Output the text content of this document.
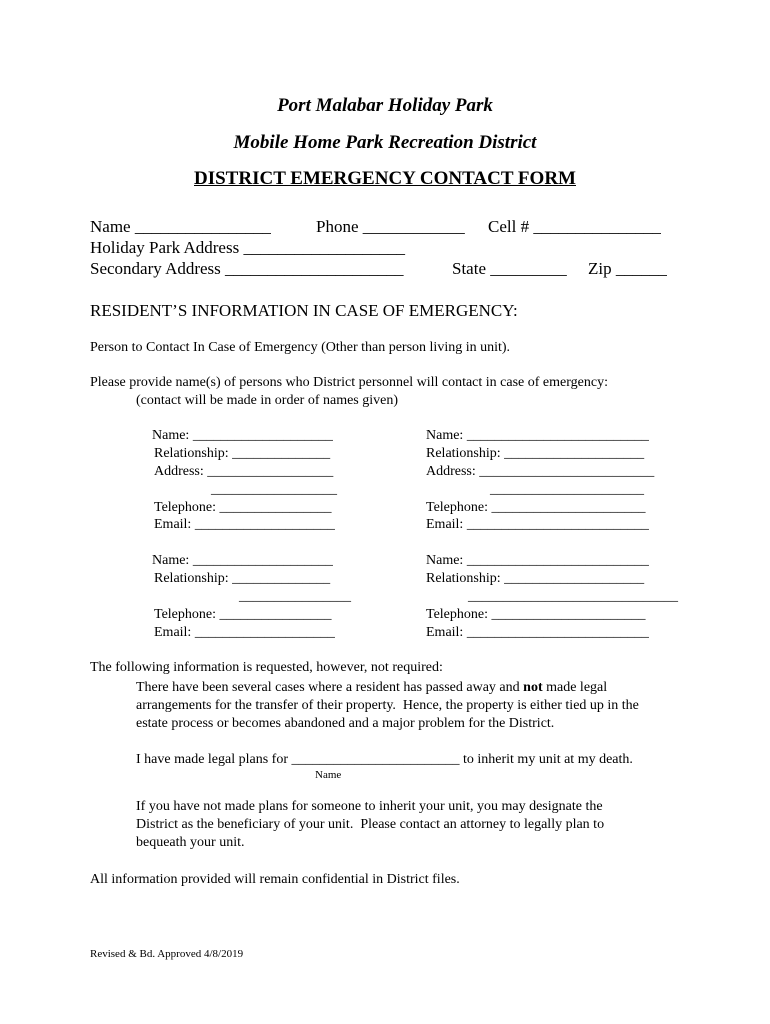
Port Malabar Holiday Park
Mobile Home Park Recreation District
DISTRICT EMERGENCY CONTACT FORM
Name ________________	Phone ____________ Cell # _______________
Holiday Park Address ___________________
Secondary Address _____________________	State _________ Zip ______
RESIDENT’S INFORMATION IN CASE OF EMERGENCY:
Person to Contact In Case of Emergency (Other than person living in unit).
Please provide name(s) of persons who District personnel will contact in case of emergency:
(contact will be made in order of names given)
Name: ____________________
Relationship: ______________
Address: __________________
__________________
Telephone: ________________
Email: ____________________
Name: __________________________
Relationship: ____________________
Address: _________________________
______________________
Telephone: ______________________
Email: __________________________
Name: ____________________
Relationship: ______________
________________
Telephone: ________________
Email: ____________________
Name: __________________________
Relationship: ____________________
______________________________
Telephone: ______________________
Email: __________________________
The following information is requested, however, not required:
There have been several cases where a resident has passed away and not made legal
arrangements for the transfer of their property.  Hence, the property is either tied up in the
estate process or becomes abandoned and a major problem for the District.
I have made legal plans for ________________________ to inherit my unit at my death.
Name
If you have not made plans for someone to inherit your unit, you may designate the
District as the beneficiary of your unit.  Please contact an attorney to legally plan to
bequeath your unit.
All information provided will remain confidential in District files.
Revised & Bd. Approved 4/8/2019
